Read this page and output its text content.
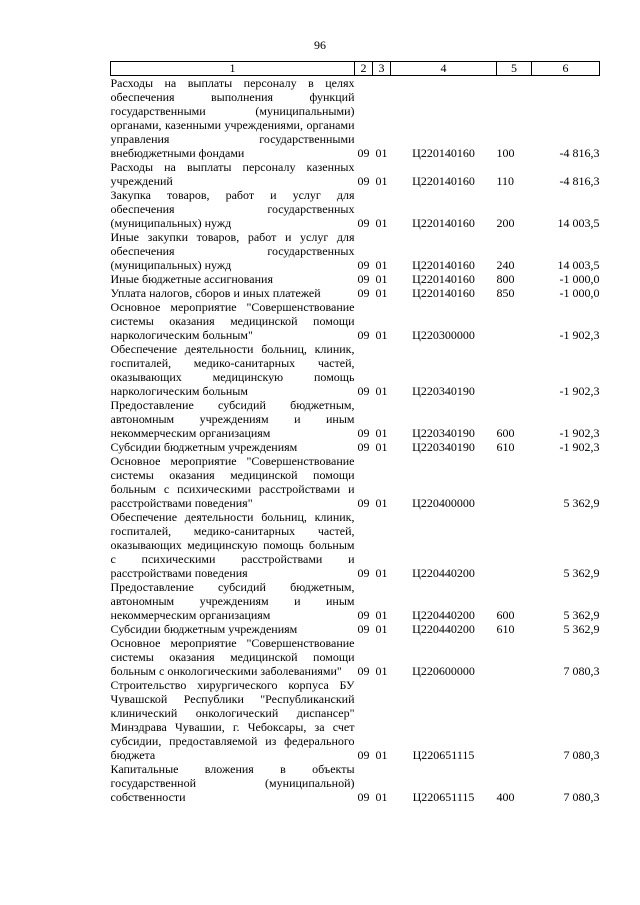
96
1	2	3	4	5	6
Расходы на выплаты персоналу в целях обеспечения выполнения функций государственными (муниципальными) органами, казенными учреждениями, органами управления государственными внебюджетными фондами	09	01	Ц220140160	100	-4 816,3
Расходы на выплаты персоналу казенных учреждений	09	01	Ц220140160	110	-4 816,3
Закупка товаров, работ и услуг для обеспечения государственных (муниципальных) нужд	09	01	Ц220140160	200	14 003,5
Иные закупки товаров, работ и услуг для обеспечения государственных (муниципальных) нужд	09	01	Ц220140160	240	14 003,5
Иные бюджетные ассигнования	09	01	Ц220140160	800	-1 000,0
Уплата налогов, сборов и иных платежей	09	01	Ц220140160	850	-1 000,0
Основное мероприятие "Совершенствование системы оказания медицинской помощи наркологическим больным"	09	01	Ц220300000		-1 902,3
Обеспечение деятельности больниц, клиник, госпиталей, медико-санитарных частей, оказывающих медицинскую помощь наркологическим больным	09	01	Ц220340190		-1 902,3
Предоставление субсидий бюджетным, автономным учреждениям и иным некоммерческим организациям	09	01	Ц220340190	600	-1 902,3
Субсидии бюджетным учреждениям	09	01	Ц220340190	610	-1 902,3
Основное мероприятие "Совершенствование системы оказания медицинской помощи больным с психическими расстройствами и расстройствами поведения"	09	01	Ц220400000		5 362,9
Обеспечение деятельности больниц, клиник, госпиталей, медико-санитарных частей, оказывающих медицинскую помощь больным с психическими расстройствами и расстройствами поведения	09	01	Ц220440200		5 362,9
Предоставление субсидий бюджетным, автономным учреждениям и иным некоммерческим организациям	09	01	Ц220440200	600	5 362,9
Субсидии бюджетным учреждениям	09	01	Ц220440200	610	5 362,9
Основное мероприятие "Совершенствование системы оказания медицинской помощи больным с онкологическими заболеваниями"	09	01	Ц220600000		7 080,3
Строительство хирургического корпуса БУ Чувашской Республики "Республиканский клинический онкологический диспансер" Минздрава Чувашии, г. Чебоксары, за счет субсидии, предоставляемой из федерального бюджета	09	01	Ц220651115		7 080,3
Капитальные вложения в объекты государственной (муниципальной) собственности	09	01	Ц220651115	400	7 080,3
